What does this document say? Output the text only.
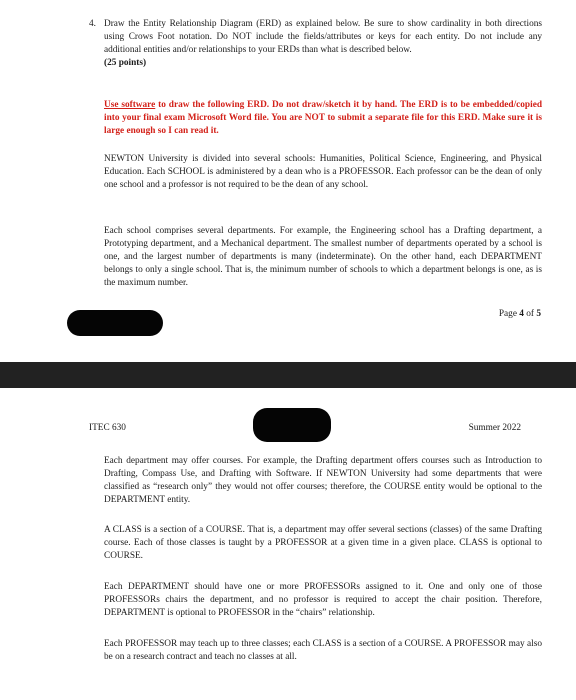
4. Draw the Entity Relationship Diagram (ERD) as explained below. Be sure to show cardinality in both directions using Crows Foot notation. Do NOT include the fields/attributes or keys for each entity. Do not include any additional entities and/or relationships to your ERDs than what is described below.

(25 points)

Use software to draw the following ERD. Do not draw/sketch it by hand. The ERD is to be embedded/copied into your final exam Microsoft Word file. You are NOT to submit a separate file for this ERD. Make sure it is large enough so I can read it.
NEWTON University is divided into several schools: Humanities, Political Science, Engineering, and Physical Education. Each SCHOOL is administered by a dean who is a PROFESSOR. Each professor can be the dean of only one school and a professor is not required to be the dean of any school.
Each school comprises several departments. For example, the Engineering school has a Drafting department, a Prototyping department, and a Mechanical department. The smallest number of departments operated by a school is one, and the largest number of departments is many (indeterminate). On the other hand, each DEPARTMENT belongs to only a single school. That is, the minimum number of schools to which a department belongs is one, as is the maximum number.
Page 4 of 5
ITEC 630	Summer 2022
Each department may offer courses. For example, the Drafting department offers courses such as Introduction to Drafting, Compass Use, and Drafting with Software. If NEWTON University had some departments that were classified as “research only” they would not offer courses; therefore, the COURSE entity would be optional to the DEPARTMENT entity.
A CLASS is a section of a COURSE. That is, a department may offer several sections (classes) of the same Drafting course. Each of those classes is taught by a PROFESSOR at a given time in a given place. CLASS is optional to COURSE.
Each DEPARTMENT should have one or more PROFESSORs assigned to it. One and only one of those PROFESSORs chairs the department, and no professor is required to accept the chair position. Therefore, DEPARTMENT is optional to PROFESSOR in the “chairs” relationship.
Each PROFESSOR may teach up to three classes; each CLASS is a section of a COURSE. A PROFESSOR may also be on a research contract and teach no classes at all.
